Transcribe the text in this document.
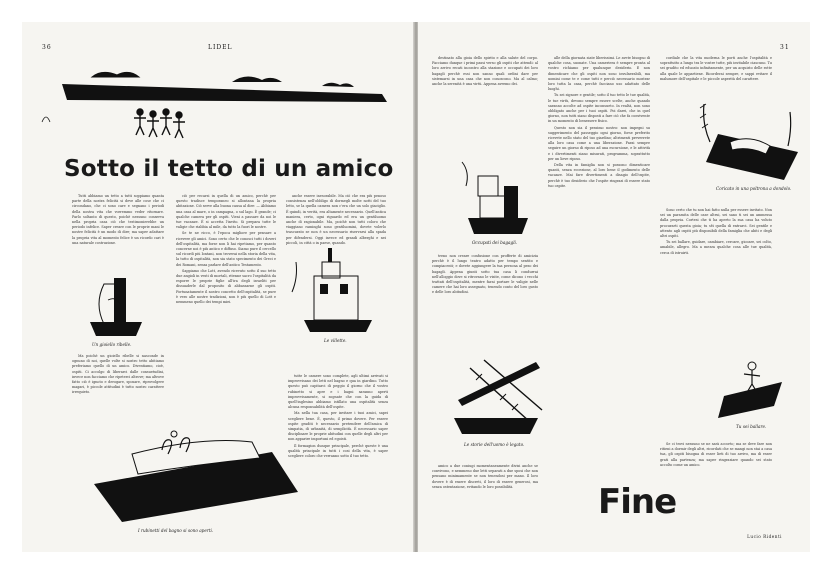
36	LIDEL
Sotto il tetto di un amico

Tutti abbiamo un tetto a tutti soppiamo quanta parte della nostra felicità si deve alle cose che ci circondano, che ci sono care e segnano i periodi della nostra vita che vorremmo veder ritornare. Parlo soltanto di questo, poichè nessuno conserva nella propria casa ciò che testimonierebbe un periodo infelice. Saper creare con le proprie mani le nostre felicità è un modo di dire; ma saper adattare la propria vita al momento felice è un ricordo cari è una naturale costruzione.

Ma poichè un gioiello ribelle si nasconde in ognuno di noi, quelle volte si nostro tetto abitiamo preferiamo quello di un amico. Diventiamo, cioè, ospiti. Ci accolgo di liberarci dalle consuetudini, invece non facciamo che ripeterci altrove; ma altrove fatto ciò è ignoto e derogare, sposare, riprovolgere magari, è piccole attitudini è tutto nostro carattere irrequieto.

ciò per recarsi in quella di un amico, perchè per questo tradisce temporaneo si allontana la propria abitazione. Ciò serve alla buona causa al dire: — Abbiamo una casa al mare, o in campagna, o sul lago. È grande; ci qualche camera per gli ospiti. Vieni a passare da noi le tue vacanze. È si accetta l'invito. Si prepara tutte le valigie che riabbia al mile, da tutto la fuori le nostre.

Se te ne ricco, è l'epoca migliore per pensare a ricevere gli amici. Sono certo che le conosci tutti i doveri dell'ospitalità, ma forse non li hai ripetiamo, per quanto concerne noi è più antico e diffuso. Siamo pure il cercello sul ricordi più lontani, non troverai nella storia della vita, la tutto di ospitalità, non sia stato specimento dei Greci e dei Romani, senza parlare dell'antico Testamento.

Sappiamo che Lott, avendo ricevuto sotto il suo tetto due angioli in vesti di mortali, ritenne sacro l'ospitalità da esporre le proprie figlie all'ira degli israeliti per dissuaderle dal proposito di abbassarne gli ospiti. Fortunatamente il nostro concetto dell'ospitalità, se pure è vero alle nostre tradizioni, non è più quello di Lott e nemmeno quello dei tempi miei.

anche essere inesorabile. Ma ciò che era più penoso consistenza nell'obbligo di dormegli molte notti del tuo letto, se la quella camera non c'era che un solo giaciglio. È quindi, in verità, era altamente necessario. Quell'antica maniera, certo, ogni riguardo ed era un gentiluomo anche di ragionabile. Ma, poichè non tutti coloro che viaggiano raminghi sono gentiluomini, dovete volerlo trascurato se non è un necessario riservarsi alla spada per difendersi. Oggi invece ed grandi alberghi e nei piccoli, in città o in paese, quando.

tutte le camere sono complete, agli ultimi arrivati si improvvisano dei letti nel bagno e qua in giardino. Tutto questo può capitarci di peggio il giorno che il vostro rubinetto si apre e i bagni saranno aperti improvvisamente, si sognate che con la guida di quell'inglesino abbiamo istillato una ospitalità senza alcuna responsabilità dell'ospite.

Ma nella tua casa, per invitare i tuoi amici, sapei scegliere bene. È, questo, il primo dovere. Per essere ospite graditi è necessario pretendere dell'amica di simpatia, di urbanità, di semplicità. È necessario saper disciplinare le proprie abitudini con quelle degli altri per non apparire importuni ed egoisti.

Il formagion dunque principale, perchè queste è una qualità principale in tutti i cosi della vita, è saper scegliere coloro che verranno sotto il tuo tetto.

Un gioiello ribelle.
Le villette.
I rubinetti del bagno si sono aperti.
31

destinato alla gioia dello spirito e alla salute del corpo. Facciamo dunque i primi passi verso gli ospiti che attendi: al loro arrivo recati incontro alla stazione e occupati dei loro bagagli perchè essi non sanno quali ordini dare per sistemarsi in una casa che non conoscono. Ma al calmo; anche la serenità è una virtù. Appena avremo dei.

treno non creare confusione con profferte di amicizia perchè è il lungo teatro adatto per tempo sentito e compiacenti; e dovete aggiungere la tua persona al peso dei bagagli. Appena giunti sotto tua casa li condurrai nell'alloggio dove si ritrovano le visite, come dicono i vecchi trattati dell'ospitalità, mentre farai portare le valigie nelle camere che hai loro assegnato, tenendo conto del loro gusto e delle loro abitudini.

amico a due coniugi momentaneamente divisi anche se convivono, e nemmeno due letti separati a due sposi che non pensano minimamente se non tenendosi per mano. Il loro dovere è di essere discreti, il loro di essere generosi, ma senza ostentazione, evitando le loro possibilità.

alle della giornata siate liberissimi. Le avete bisogno di qualche cosa, suonate. Una cameriera è sempre pronta al vostro richiamo per qualunque desiderio. E non dimenticare che gli ospiti non sono invulnerabili, ma uomini come te e come tutti e perciò necessario mostrar loro tutta la casa, perchè facciano uso adattato delle luoghi.

Tu sei signore e gentile; sotto il tuo tetto le tue qualità, le tue virtù, devono sempre essere scelte, anche quando saranno accolte ad ospite inconsueto. In realtà, non sono obbligato anche per i tuoi ospiti. Poi darei, che in quel giorno, non tutti siano disposti a fare ciò che fa convivente in un momento di benessere fisico.

Questo non sia il pessimo nostro: non impegni su suggerimento del passeggio ogni giorno, forse preferito ricevete nello stato del tuo giardino; altrimenti preverrete alla loro casa come a una liberazione. Farai sempre seguire un giorno di riposo ad una escursione, e le attività e i divertimenti siano misurati, programma, soprattutto per un lieve riposo.

Della vita in famiglia non si possono dimenticare quanti, senza eccezione, al loro bene il godimento delle vacanze. Mai fare divertimenti a disagio dell'ospite, perchè è tuo desiderio che l'ospite ringrazi di essere stato tuo ospite.

cordiale che la vita moderna le porti anche l'ospitalità e soprattutto a lungo tra le vostre tutte, più invitabile ciascuno. Tu sei gradito ed educato infinitamente, per un acquisto delle rotte alla quale le appartiene. Ricorderai sempre, e sappi evitare il malumore dell'ospitale e le piccole asperità del carattere.

Sono certo che tu non hai fatto nulla per essere invitato. Non sei un parassita delle case altrui, sei sano ti sei un ammessa dalla propria. Cortesi che ti ha aperto la sua casa ha voluto procurarti questa gioia; tu sêi quella di entrarci. Sei gentile e attento agli ospiti più disponibili della famiglia che abiti e degli altri ospiti.

Tu sei ballare, guidare, cambiare, cercare, giocare, sei colto, amabile, allegro. Ma a mezza qualche cosa alle tue qualità, cerca di istruirti.

Se ci trovi nessuno se ne sarà accorto; ma se deve fare non ritieni a dormir degli altri, ricordati che se mangi non stai a casa tua, gli ospiti bisogna di esser lieti di tuo arrivo, ma di esser grati alla partenza; ma saper ringraziare quando sei stato accolto come un amico.

Occupati dei bagagli.
Le storie dell'uomo è legato.
Fine
Coricato in una poltrona a dondolo.
Tu sei ballare.
Lucio Ridenti
